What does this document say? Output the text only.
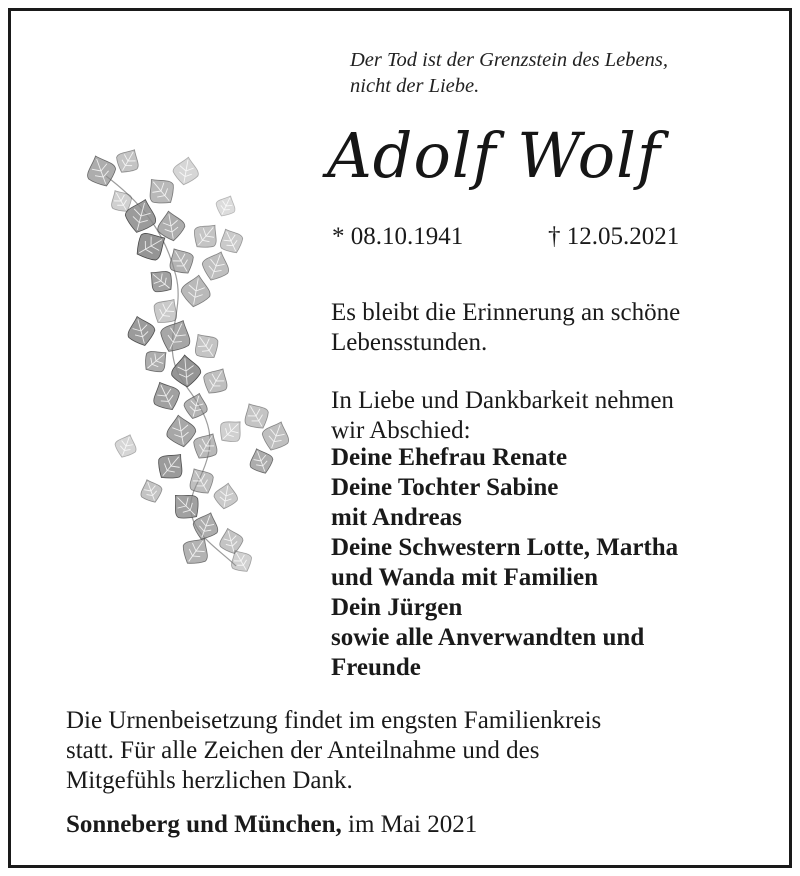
Der Tod ist der Grenzstein des Lebens,
nicht der Liebe.
Adolf Wolf
* 08.10.1941	† 12.05.2021
Es bleibt die Erinnerung an schöne
Lebensstunden.
In Liebe und Dankbarkeit nehmen
wir Abschied:
Deine Ehefrau Renate
Deine Tochter Sabine
mit Andreas
Deine Schwestern Lotte, Martha
und Wanda mit Familien
Dein Jürgen
sowie alle Anverwandten und
Freunde
Die Urnenbeisetzung findet im engsten Familienkreis
statt. Für alle Zeichen der Anteilnahme und des
Mitgefühls herzlichen Dank.
Sonneberg und München, im Mai 2021
